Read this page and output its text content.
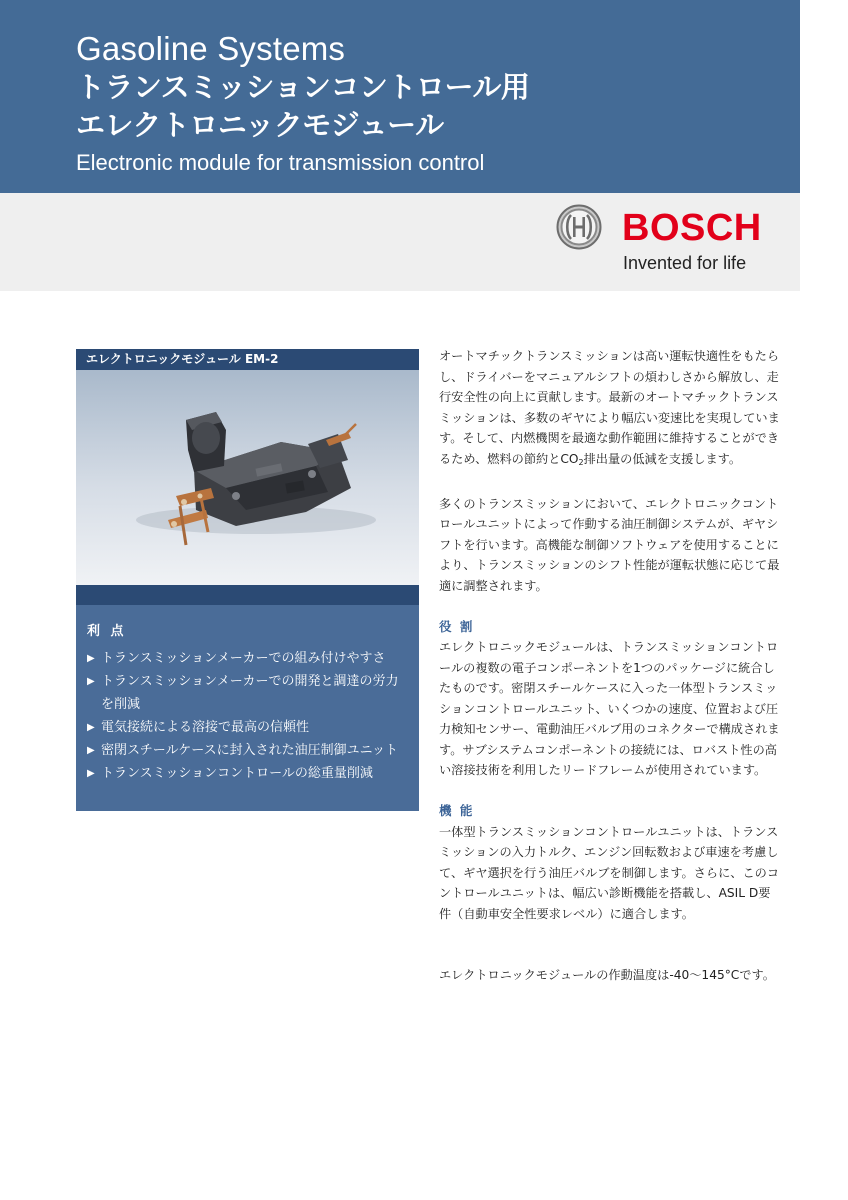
Gasoline Systems
トランスミッションコントロール用
エレクトロニックモジュール
Electronic module for transmission control
BOSCH
Invented for life
エレクトロニックモジュール EM-2
利 点
▶ トランスミッションメーカーでの組み付けやすさ
▶ トランスミッションメーカーでの開発と調達の労力を削減
▶ 電気接続による溶接で最高の信頼性
▶ 密閉スチールケースに封入された油圧制御ユニット
▶ トランスミッションコントロールの総重量削減

オートマチックトランスミッションは高い運転快適性をもたらし、ドライバーをマニュアルシフトの煩わしさから解放し、走行安全性の向上に貢献します。最新のオートマチックトランスミッションは、多数のギヤにより幅広い変速比を実現しています。そして、内燃機関を最適な動作範囲に維持することができるため、燃料の節約と$CO_2$排出量の低減を支援します。

多くのトランスミッションにおいて、エレクトロニックコントロールユニットによって作動する油圧制御システムが、ギヤシフトを行います。高機能な制御ソフトウェアを使用することにより、トランスミッションのシフト性能が運転状態に応じて最適に調整されます。

役 割

エレクトロニックモジュールは、トランスミッションコントロールの複数の電子コンポーネントを1つのパッケージに統合したものです。密閉スチールケースに入った一体型トランスミッションコントロールユニット、いくつかの速度、位置および圧力検知センサー、電動油圧バルブ用のコネクターで構成されます。サブシステムコンポーネントの接続には、ロバスト性の高い溶接技術を利用したリードフレームが使用されています。

機 能

一体型トランスミッションコントロールユニットは、トランスミッションの入力トルク、エンジン回転数および車速を考慮して、ギヤ選択を行う油圧バルブを制御します。さらに、このコントロールユニットは、幅広い診断機能を搭載し、ASIL D要件（自動車安全性要求レベル）に適合します。

エレクトロニックモジュールの作動温度は-40〜145°Cです。
